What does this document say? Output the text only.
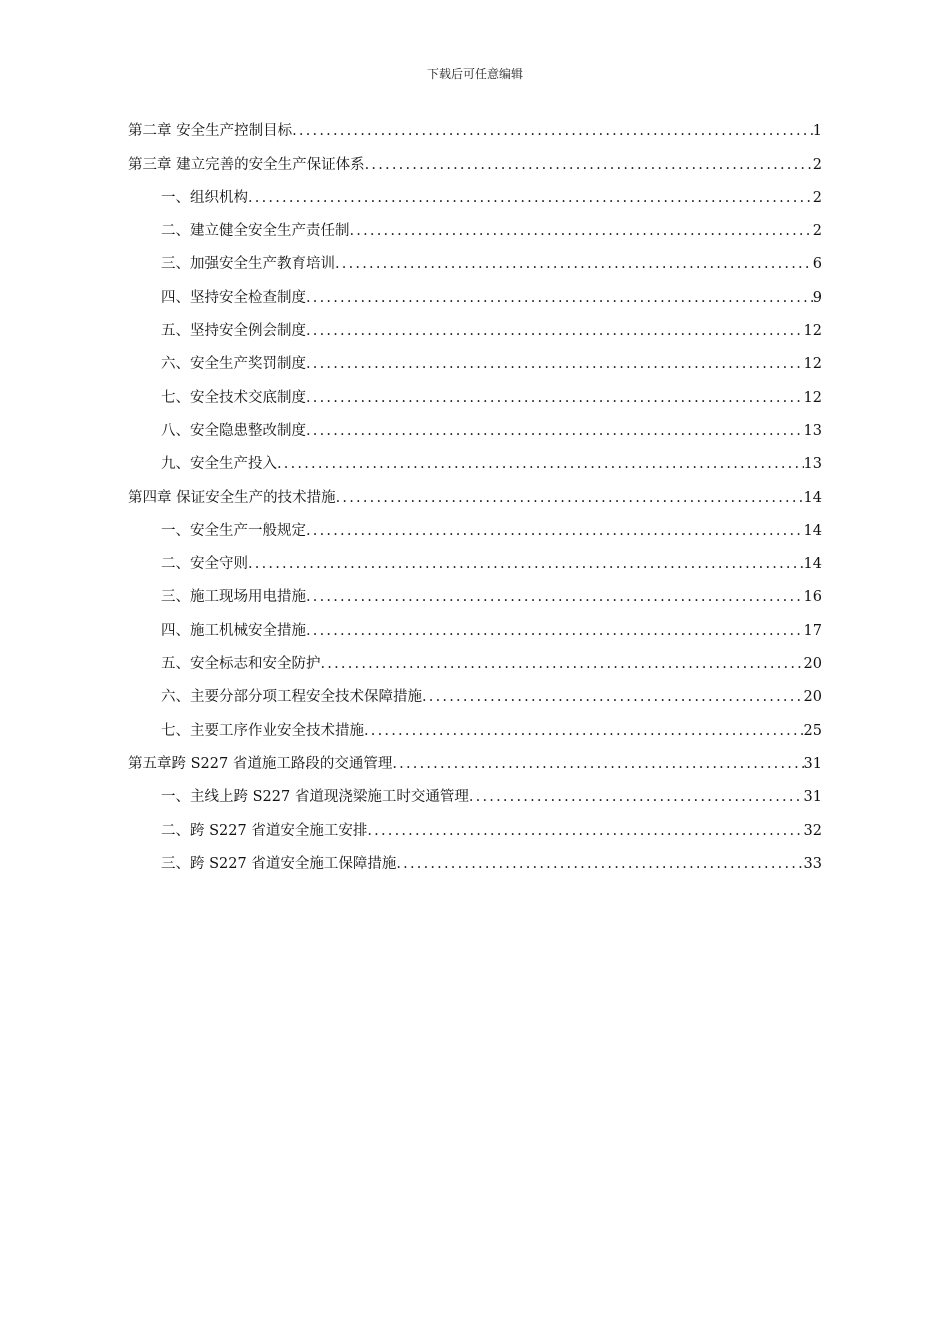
下载后可任意编辑
第二章 安全生产控制目标 .....	1
第三章 建立完善的安全生产保证体系 .....	2
一、组织机构 .....	2
二、建立健全安全生产责任制 .....	2
三、加强安全生产教育培训 .....	6
四、坚持安全检查制度 .....	9
五、坚持安全例会制度 .....	12
六、安全生产奖罚制度 .....	12
七、安全技术交底制度 .....	12
八、安全隐患整改制度 .....	13
九、安全生产投入 .....	13
第四章 保证安全生产的技术措施 .....	14
一、安全生产一般规定 .....	14
二、安全守则 .....	14
三、施工现场用电措施 .....	16
四、施工机械安全措施 .....	17
五、安全标志和安全防护 .....	20
六、主要分部分项工程安全技术保障措施 .....	20
七、主要工序作业安全技术措施 .....	25
第五章跨 S227 省道施工路段的交通管理 .....	31
一、主线上跨 S227 省道现浇梁施工时交通管理 .....	31
二、跨 S227 省道安全施工安排 .....	32
三、跨 S227 省道安全施工保障措施 .....	33
